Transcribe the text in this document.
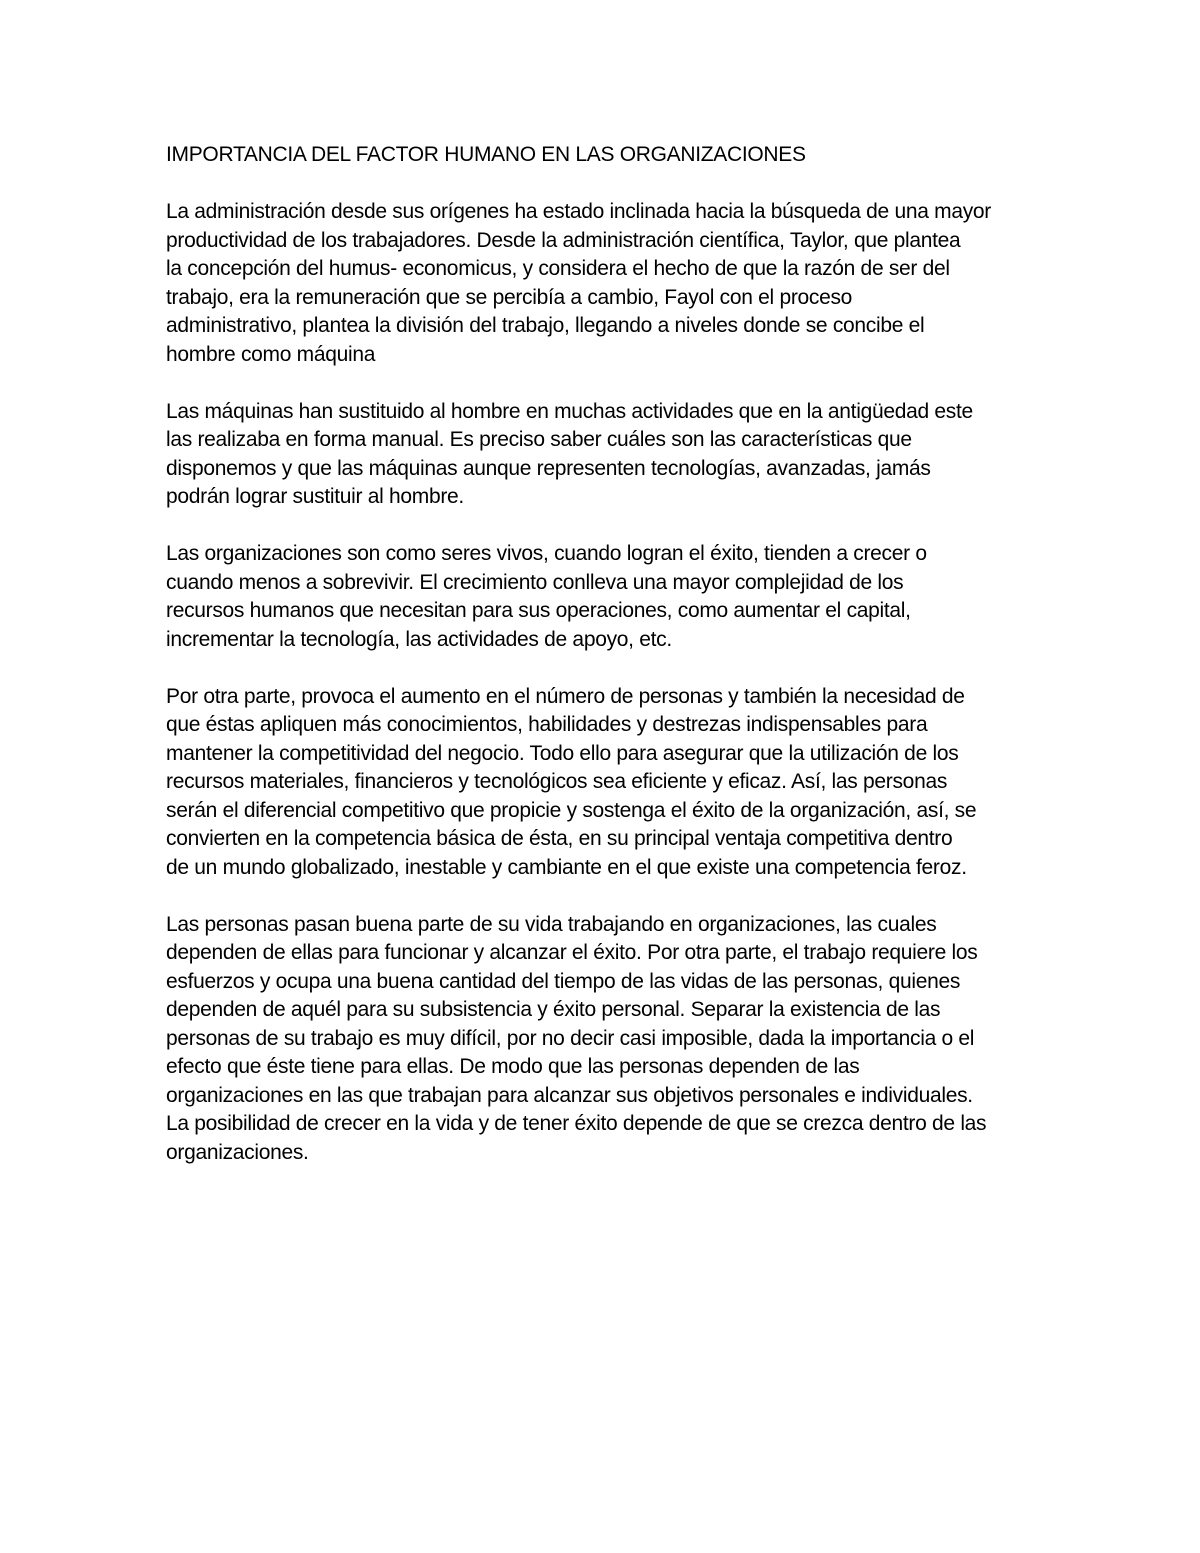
IMPORTANCIA DEL FACTOR HUMANO EN LAS ORGANIZACIONES
La administración desde sus orígenes ha estado inclinada hacia la búsqueda de una mayor
productividad de los trabajadores. Desde la administración científica, Taylor, que plantea
la concepción del humus- economicus, y considera el hecho de que la razón de ser del
trabajo, era la remuneración que se percibía a cambio, Fayol con el proceso
administrativo, plantea la división del trabajo, llegando a niveles donde se concibe el
hombre como máquina
Las máquinas han sustituido al hombre en muchas actividades que en la antigüedad este
las realizaba en forma manual. Es preciso saber cuáles son las características que
disponemos y que las máquinas aunque representen tecnologías, avanzadas, jamás
podrán lograr sustituir al hombre.
Las organizaciones son como seres vivos, cuando logran el éxito, tienden a crecer o
cuando menos a sobrevivir. El crecimiento conlleva una mayor complejidad de los
recursos humanos que necesitan para sus operaciones, como aumentar el capital,
incrementar la tecnología, las actividades de apoyo, etc.
Por otra parte, provoca el aumento en el número de personas y también la necesidad de
que éstas apliquen más conocimientos, habilidades y destrezas indispensables para
mantener la competitividad del negocio. Todo ello para asegurar que la utilización de los
recursos materiales, financieros y tecnológicos sea eficiente y eficaz. Así, las personas
serán el diferencial competitivo que propicie y sostenga el éxito de la organización, así, se
convierten en la competencia básica de ésta, en su principal ventaja competitiva dentro
de un mundo globalizado, inestable y cambiante en el que existe una competencia feroz.
Las personas pasan buena parte de su vida trabajando en organizaciones, las cuales
dependen de ellas para funcionar y alcanzar el éxito. Por otra parte, el trabajo requiere los
esfuerzos y ocupa una buena cantidad del tiempo de las vidas de las personas, quienes
dependen de aquél para su subsistencia y éxito personal. Separar la existencia de las
personas de su trabajo es muy difícil, por no decir casi imposible, dada la importancia o el
efecto que éste tiene para ellas. De modo que las personas dependen de las
organizaciones en las que trabajan para alcanzar sus objetivos personales e individuales.
La posibilidad de crecer en la vida y de tener éxito depende de que se crezca dentro de las
organizaciones.
